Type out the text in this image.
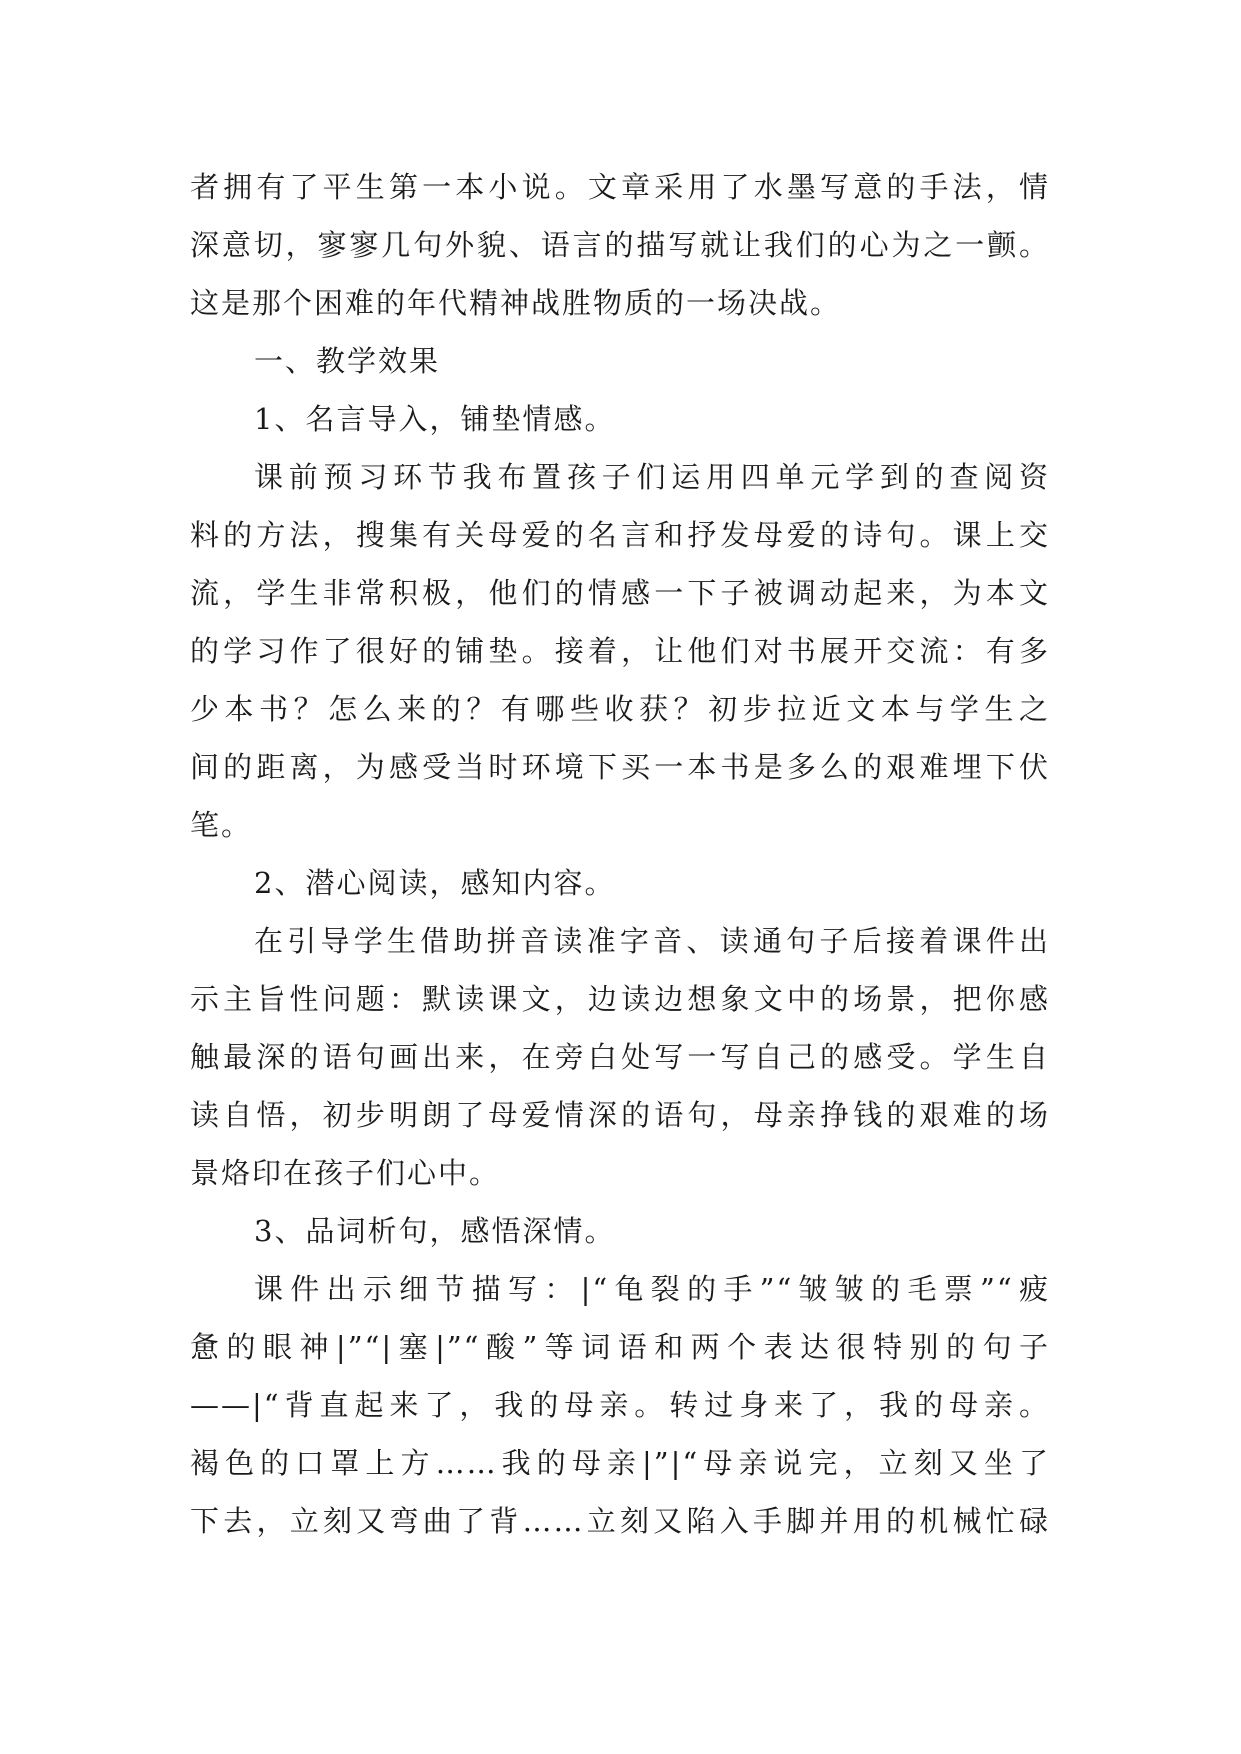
者拥有了平生第一本小说。文章采用了水墨写意的手法，情
深意切，寥寥几句外貌、语言的描写就让我们的心为之一颤。
这是那个困难的年代精神战胜物质的一场决战。
一、教学效果
1、名言导入，铺垫情感。
课前预习环节我布置孩子们运用四单元学到的查阅资
料的方法，搜集有关母爱的名言和抒发母爱的诗句。课上交
流，学生非常积极，他们的情感一下子被调动起来，为本文
的学习作了很好的铺垫。接着，让他们对书展开交流：有多
少本书？怎么来的？有哪些收获？初步拉近文本与学生之
间的距离，为感受当时环境下买一本书是多么的艰难埋下伏
笔。
2、潜心阅读，感知内容。
在引导学生借助拼音读准字音、读通句子后接着课件出
示主旨性问题：默读课文，边读边想象文中的场景，把你感
触最深的语句画出来，在旁白处写一写自己的感受。学生自
读自悟，初步明朗了母爱情深的语句，母亲挣钱的艰难的场
景烙印在孩子们心中。
3、品词析句，感悟深情。
课件出示细节描写：|“龟裂的手”“皱皱的毛票”“疲
惫的眼神|”“|塞|”“酸”等词语和两个表达很特别的句子
——|“背直起来了，我的母亲。转过身来了，我的母亲。
褐色的口罩上方……我的母亲|”|“母亲说完，立刻又坐了
下去，立刻又弯曲了背……立刻又陷入手脚并用的机械忙碌
